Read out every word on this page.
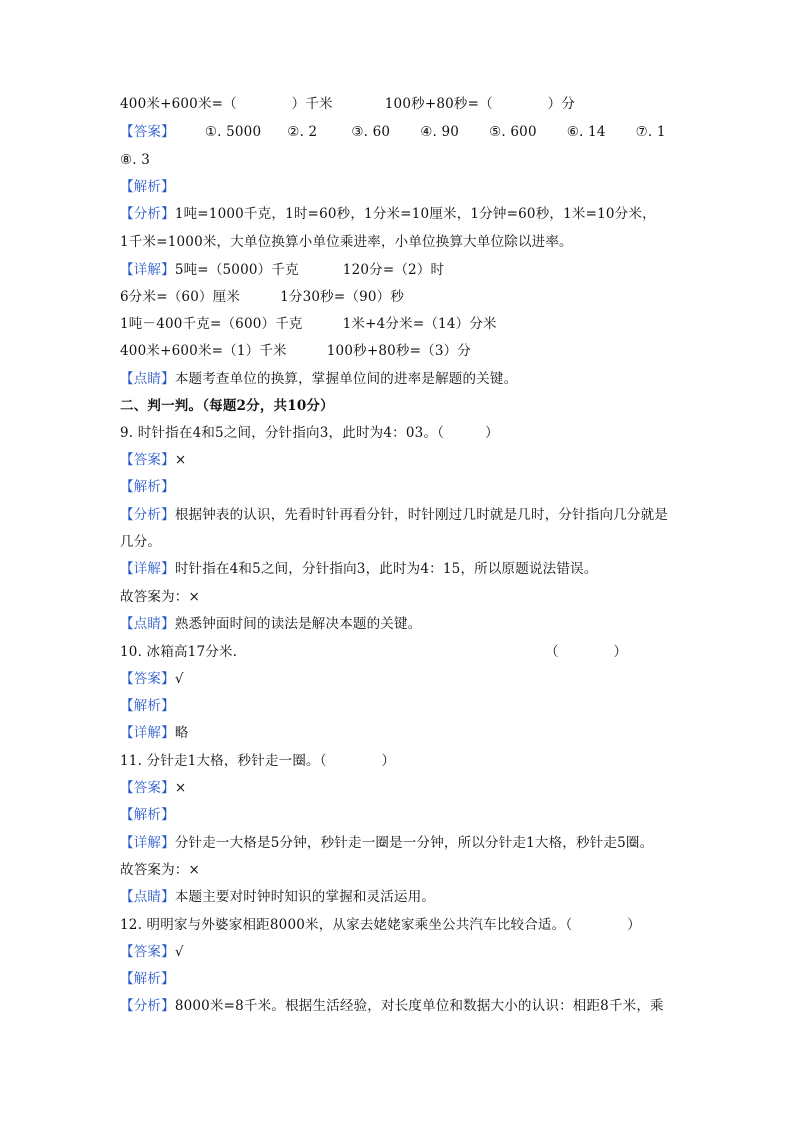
400米+600米=（　　　　）千米	100秒+80秒=（　　　　）分
【答案】 ①. 5000 ②. 2	③. 60 ④. 90 ⑤. 600 ⑥. 14 ⑦. 1
⑧. 3
【解析】
【分析】1吨=1000千克，1时=60秒，1分米=10厘米，1分钟=60秒，1米=10分米，
1千米=1000米，大单位换算小单位乘进率，小单位换算大单位除以进率。
【详解】5吨=（5000）千克	120分=（2）时
6分米=（60）厘米	1分30秒=（90）秒
1吨－400千克=（600）千克	1米+4分米=（14）分米
400米+600米=（1）千米	100秒+80秒=（3）分
【点睛】本题考查单位的换算，掌握单位间的进率是解题的关键。
二、判一判。（每题2分，共10分）
9. 时针指在4和5之间，分针指向3，此时为4：03。（　　　）
【答案】×
【解析】
【分析】根据钟表的认识，先看时针再看分针，时针刚过几时就是几时，分针指向几分就是
几分。
【详解】时针指在4和5之间，分针指向3，此时为4：15，所以原题说法错误。
故答案为：×
【点睛】熟悉钟面时间的读法是解决本题的关键。
10. 冰箱高17分米.	（　　　　）
【答案】√
【解析】
【详解】略
11. 分针走1大格，秒针走一圈。（　　　　）
【答案】×
【解析】
【详解】分针走一大格是5分钟，秒针走一圈是一分钟，所以分针走1大格，秒针走5圈。
故答案为：×
【点睛】本题主要对时钟时知识的掌握和灵活运用。
12. 明明家与外婆家相距8000米，从家去姥姥家乘坐公共汽车比较合适。（　　　　）
【答案】√
【解析】
【分析】8000米=8千米。根据生活经验，对长度单位和数据大小的认识：相距8千米，乘
